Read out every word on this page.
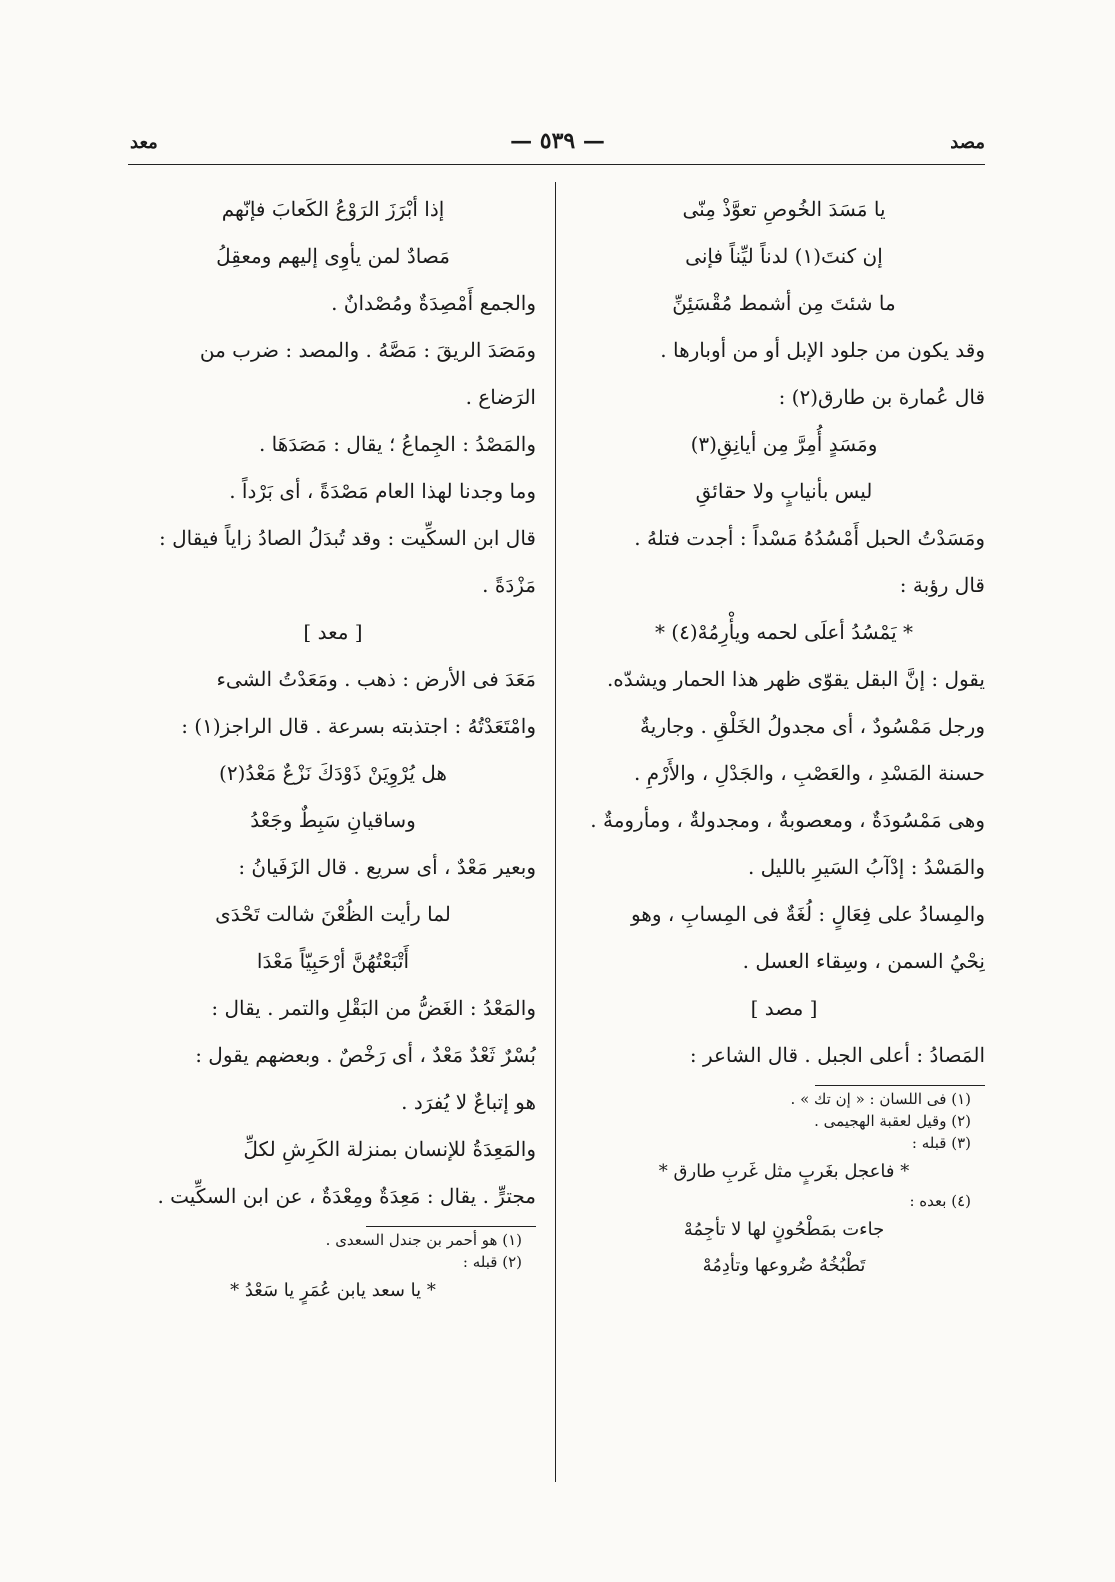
مصد
— ٥٣٩ —
معد
يا مَسَدَ الخُوصِ تعوَّذْ مِنّى
إن كنتَ(١) لدناً ليِّناً فإنى
ما شئتَ مِن أشمط مُقْسَئِنِّ
وقد يكون من جلود الإبل أو من أوبارها .
قال عُمارة بن طارق(٢) :
ومَسَدٍ أُمِرَّ مِن أيانِقِ(٣)
ليس بأنيابٍ ولا حقائقِ
ومَسَدْتُ الحبل أَمْسُدُهُ مَسْداً : أجدت فتلهُ .
قال رؤبة :
* يَمْسُدُ أعلَى لحمه ويأْرِمُهْ(٤) *
يقول : إنَّ البقل يقوّى ظهر هذا الحمار ويشدّه.
ورجل مَمْسُودٌ ، أى مجدولُ الخَلْقِ . وجاريةٌ
حسنة المَسْدِ ، والعَصْبِ ، والجَدْلِ ، والأَرْمِ .
وهى مَمْسُودَةٌ ، ومعصوبةٌ ، ومجدولةٌ ، ومأرومةٌ .
والمَسْدُ : إدْآبُ السَيرِ بالليل .
والمِسادُ على فِعَالٍ : لُغَةٌ فى المِسابِ ، وهو
نِحْيُ السمن ، وسِقاء العسل .
[ مصد ]
المَصادُ : أعلى الجبل . قال الشاعر :
(١) فى اللسان : « إن تك » .
(٢) وقيل لعقبة الهجيمى .
(٣) قبله :
* فاعجل بغَربٍ مثل غَربِ طارق *
(٤) بعده :
جاءت بمَطْحُونٍ لها لا تأجِمُهْ
تَطْبُخُهُ ضُروعها وتأدِمُهْ
إذا أبْرَزَ الرَوْعُ الكَعابَ فإنّهم
مَصادٌ لمن يأوِى إليهم ومعقِلُ
والجمع أَمْصِدَةٌ ومُصْدانٌ .
ومَصَدَ الريقَ : مَصَّهُ . والمصد : ضرب من
الرَضاع .
والمَصْدُ : الجِماعُ ؛ يقال : مَصَدَهَا .
وما وجدنا لهذا العام مَصْدَةً ، أى بَرْداً .
قال ابن السكِّيت : وقد تُبدَلُ الصادُ زاياً فيقال :
مَزْدَةً .
[ معد ]
مَعَدَ فى الأرض : ذهب . ومَعَدْتُ الشىء
وامْتَعَدْتُهُ : اجتذبته بسرعة . قال الراجز(١) :
هل يُرْوِيَنْ ذَوْدَكَ نَزْعٌ مَعْدُ(٢)
وساقيانِ سَبِطٌ وجَعْدُ
وبعير مَعْدٌ ، أى سريع . قال الزَفَيانُ :
لما رأيت الظُعْنَ شالت تَحْدَى
أَتْبَعْتُهُنَّ أرْحَبِيّاً مَعْدَا
والمَعْدُ : الغَضُّ من البَقْلِ والتمر . يقال :
بُسْرٌ ثَعْدٌ مَعْدٌ ، أى رَخْصٌ . وبعضهم يقول :
هو إتباعٌ لا يُفرَد .
والمَعِدَةُ للإنسان بمنزلة الكَرِشِ لكلِّ
مجترٍّ . يقال : مَعِدَةٌ ومِعْدَةٌ ، عن ابن السكِّيت .
(١) هو أحمر بن جندل السعدى .
(٢) قبله :
* يا سعد يابن عُمَرٍ يا سَعْدُ *
